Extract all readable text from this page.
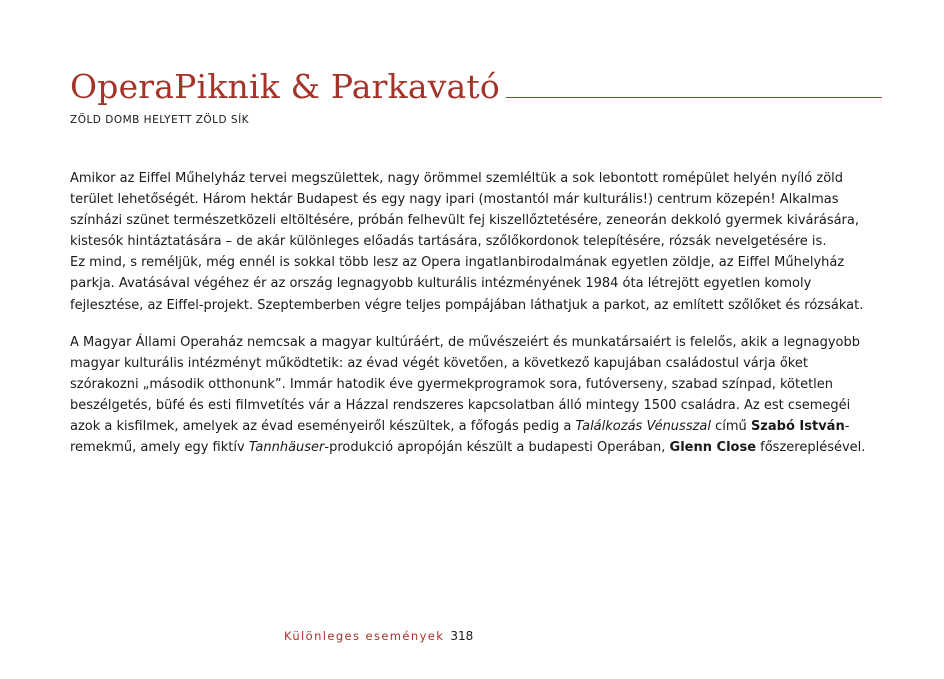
OperaPiknik & Parkavató
ZÖLD DOMB HELYETT ZÖLD SÍK

Amikor az Eiffel Műhelyház tervei megszülettek, nagy örömmel szemléltük a sok lebontott romépület helyén nyíló zöld
terület lehetőségét. Három hektár Budapest és egy nagy ipari (mostantól már kulturális!) centrum közepén! Alkalmas
színházi szünet természetközeli eltöltésére, próbán felhevült fej kiszellőztetésére, zeneorán dekkoló gyermek kivárására,
kistesók hintáztatására – de akár különleges előadás tartására, szőlőkordonok telepítésére, rózsák nevelgetésére is.
Ez mind, s reméljük, még ennél is sokkal több lesz az Opera ingatlanbirodalmának egyetlen zöldje, az Eiffel Műhelyház
parkja. Avatásával végéhez ér az ország legnagyobb kulturális intézményének 1984 óta létrejött egyetlen komoly
fejlesztése, az Eiffel-projekt. Szeptemberben végre teljes pompájában láthatjuk a parkot, az említett szőlőket és rózsákat.

A Magyar Állami Operaház nemcsak a magyar kultúráért, de művészeiért és munkatársaiért is felelős, akik a legnagyobb
magyar kulturális intézményt működtetik: az évad végét követően, a következő kapujában családostul várja őket
szórakozni „második otthonunk”. Immár hatodik éve gyermekprogramok sora, futóverseny, szabad színpad, kötetlen
beszélgetés, büfé és esti filmvetítés vár a Házzal rendszeres kapcsolatban álló mintegy 1500 családra. Az est csemegéi
azok a kisfilmek, amelyek az évad eseményeiről készültek, a főfogás pedig a Találkozás Vénusszal című Szabó István-
remekmű, amely egy fiktív Tannhäuser-produkció apropóján készült a budapesti Operában, Glenn Close főszereplésével.

Különleges események 318
